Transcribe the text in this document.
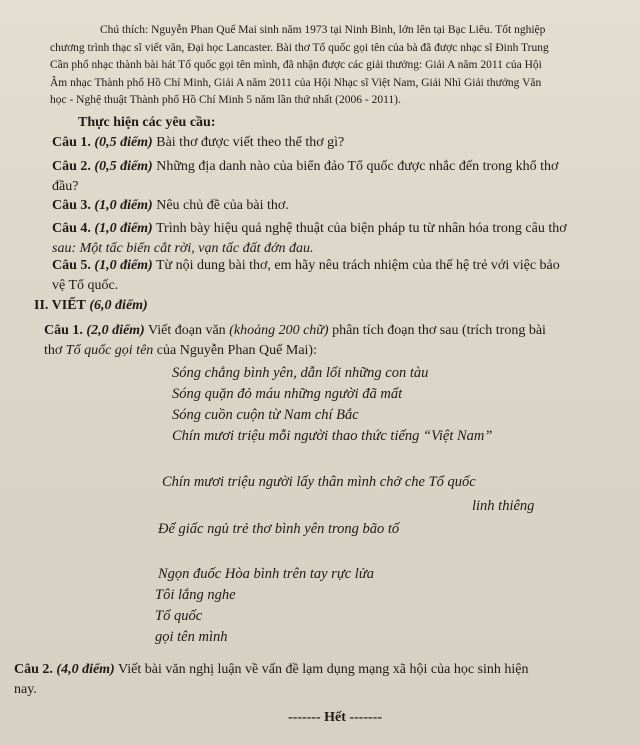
Chú thích: Nguyễn Phan Quế Mai sinh năm 1973 tại Ninh Bình, lớn lên tại Bạc Liêu. Tốt nghiệp
chương trình thạc sĩ viết văn, Đại học Lancaster. Bài thơ Tổ quốc gọi tên của bà đã được nhạc sĩ Đinh Trung
Cần phổ nhạc thành bài hát Tổ quốc gọi tên mình, đã nhận được các giải thưởng: Giải A năm 2011 của Hội
Âm nhạc Thành phố Hồ Chí Minh, Giải A năm 2011 của Hội Nhạc sĩ Việt Nam, Giải Nhì Giải thưởng Văn
học - Nghệ thuật Thành phố Hồ Chí Minh 5 năm lần thứ nhất (2006 - 2011).
Thực hiện các yêu cầu:
Câu 1. (0,5 điểm) Bài thơ được viết theo thể thơ gì?
Câu 2. (0,5 điểm) Những địa danh nào của biển đảo Tổ quốc được nhắc đến trong khổ thơ
đầu?
Câu 3. (1,0 điểm) Nêu chủ đề của bài thơ.
Câu 4. (1,0 điểm) Trình bày hiệu quả nghệ thuật của biện pháp tu từ nhân hóa trong câu thơ
sau: Một tấc biển cắt rời, vạn tấc đất đớn đau.
Câu 5. (1,0 điểm) Từ nội dung bài thơ, em hãy nêu trách nhiệm của thế hệ trẻ với việc bảo
vệ Tổ quốc.
II. VIẾT (6,0 điểm)
Câu 1. (2,0 điểm) Viết đoạn văn (khoảng 200 chữ) phân tích đoạn thơ sau (trích trong bài
thơ Tổ quốc gọi tên của Nguyễn Phan Quế Mai):
Sóng chẳng bình yên, dẫn lối những con tàu
Sóng quặn đỏ máu những người đã mất
Sóng cuồn cuộn từ Nam chí Bắc
Chín mươi triệu mỗi người thao thức tiếng “Việt Nam”
Chín mươi triệu người lấy thân mình chở che Tổ quốc
linh thiêng
Để giấc ngủ trẻ thơ bình yên trong bão tố
Ngọn đuốc Hòa bình trên tay rực lửa
Tôi lắng nghe
Tổ quốc
gọi tên mình
Câu 2. (4,0 điểm) Viết bài văn nghị luận về vấn đề lạm dụng mạng xã hội của học sinh hiện
nay.
------- Hết -------
